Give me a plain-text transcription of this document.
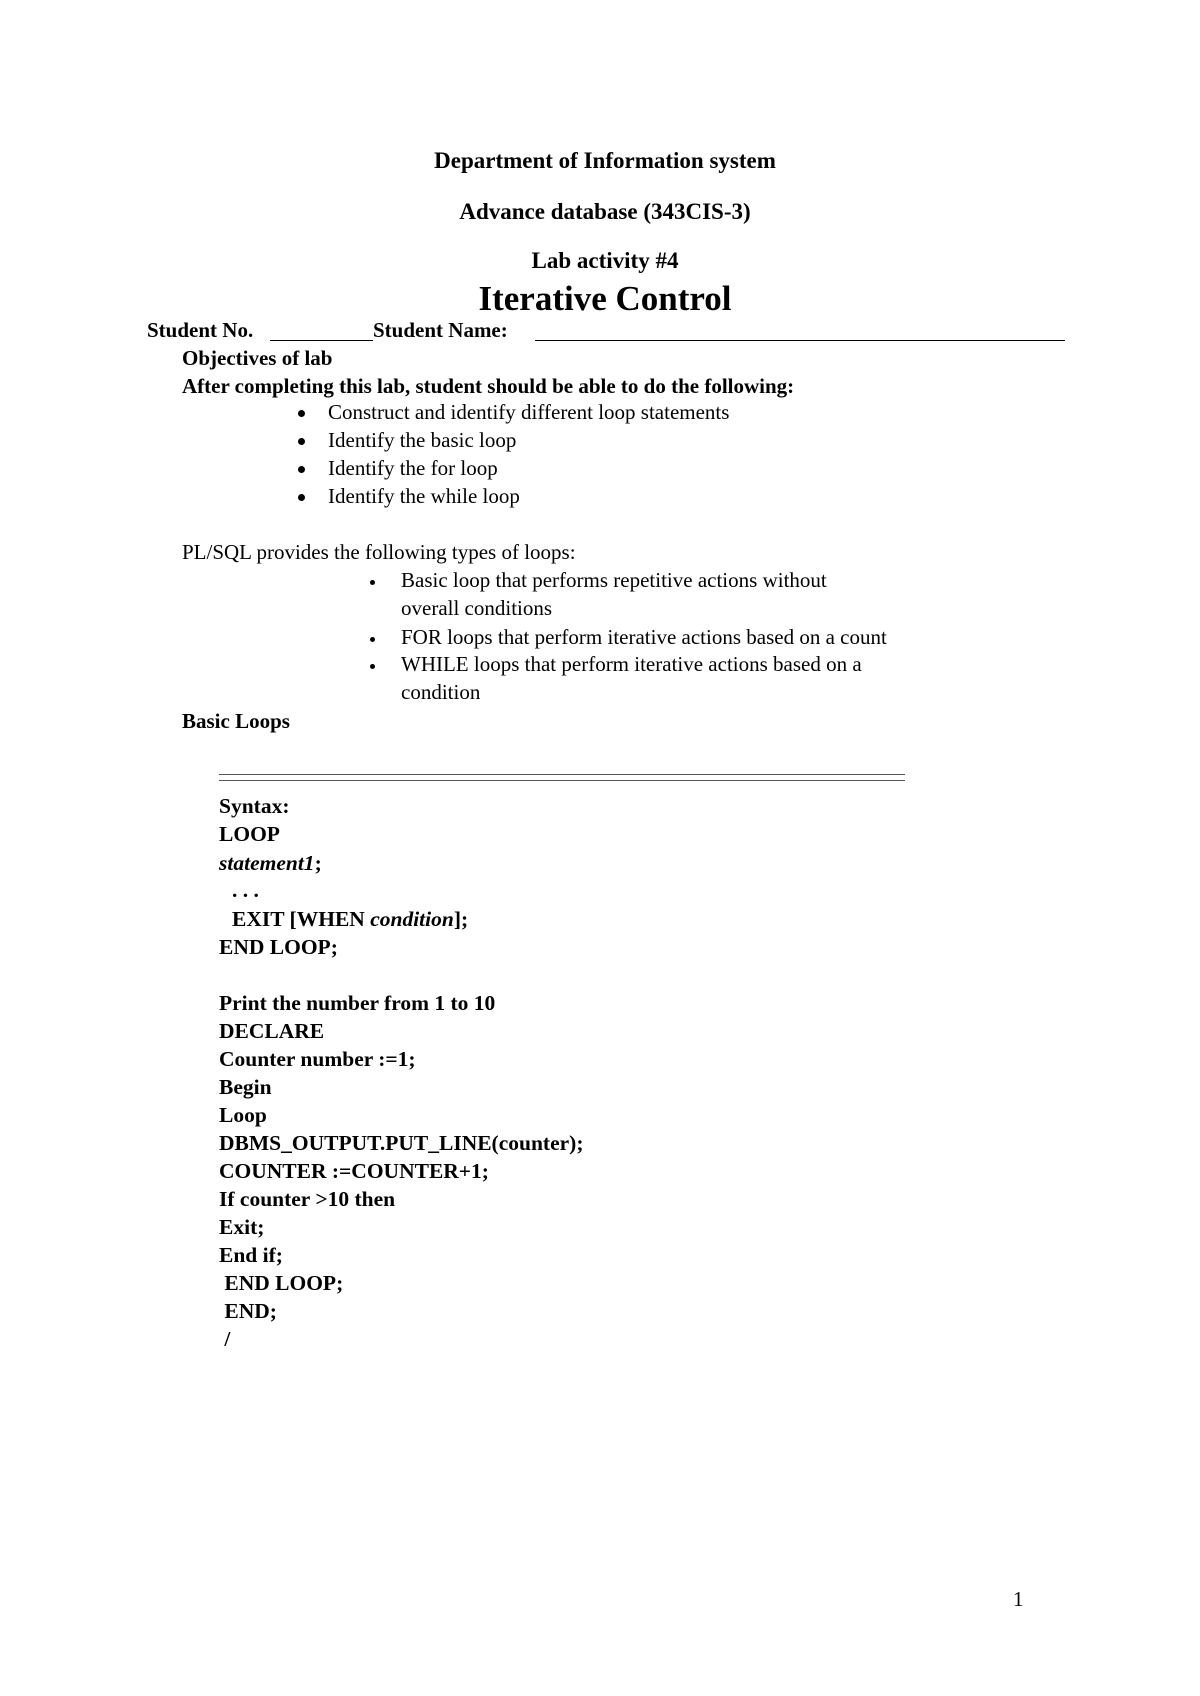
Department of Information system
Advance database (343CIS-3)
Lab activity #4
Iterative Control
Student No.	Student Name:
Objectives of lab
After completing this lab, student should be able to do the following:
Construct and identify different loop statements
Identify the basic loop
Identify the for loop
Identify the while loop
PL/SQL provides the following types of loops:
Basic loop that performs repetitive actions without
overall conditions
FOR loops that perform iterative actions based on a count
WHILE loops that perform iterative actions based on a
condition
Basic Loops
Syntax:
LOOP
statement1;
. . .
EXIT [WHEN condition];
END LOOP;
Print the number from 1 to 10
DECLARE
Counter number :=1;
Begin
Loop
DBMS_OUTPUT.PUT_LINE(counter);
COUNTER :=COUNTER+1;
If counter >10 then
Exit;
End if;
END LOOP;
END;
/
1
